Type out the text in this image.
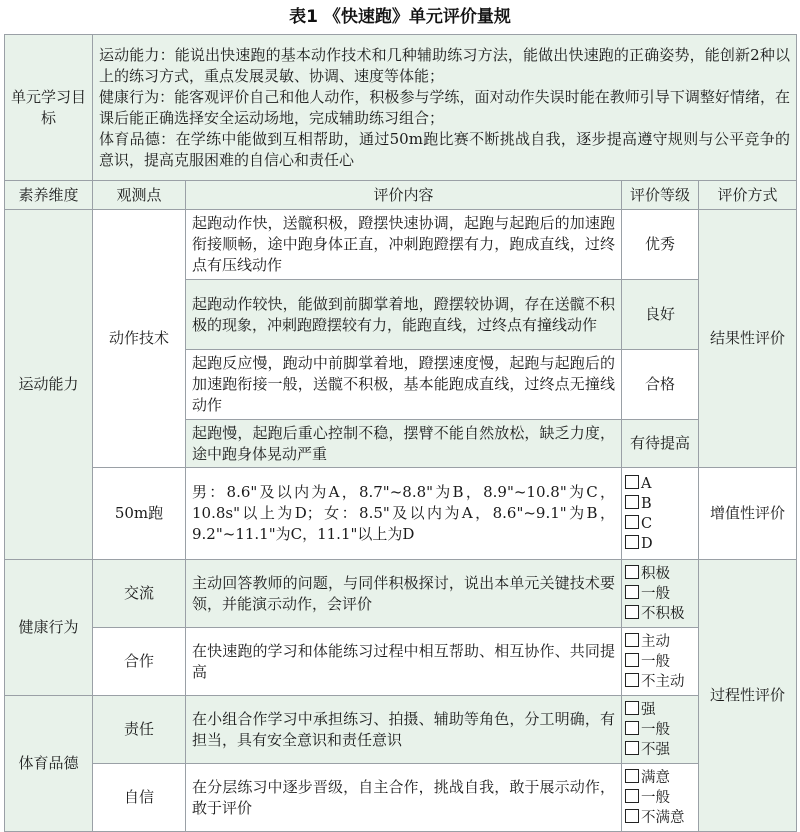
表1 《快速跑》单元评价量规
单元学习目标	运动能力：能说出快速跑的基本动作技术和几种辅助练习方法，能做出快速跑的正确姿势，能创新2种以上的练习方式，重点发展灵敏、协调、速度等体能；
健康行为：能客观评价自己和他人动作，积极参与学练，面对动作失误时能在教师引导下调整好情绪，在课后能正确选择安全运动场地，完成辅助练习组合；
体育品德：在学练中能做到互相帮助，通过50m跑比赛不断挑战自我，逐步提高遵守规则与公平竞争的意识，提高克服困难的自信心和责任心			

素养维度	观测点	评价内容	评价等级	评价方式
运动能力	动作技术	起跑动作快，送髋积极，蹬摆快速协调，起跑与起跑后的加速跑衔接顺畅，途中跑身体正直，冲刺跑蹬摆有力，跑成直线，过终点有压线动作	优秀	结果性评价
		起跑动作较快，能做到前脚掌着地，蹬摆较协调，存在送髋不积极的现象，冲刺跑蹬摆较有力，能跑直线，过终点有撞线动作	良好	
		起跑反应慢，跑动中前脚掌着地，蹬摆速度慢，起跑与起跑后的加速跑衔接一般，送髋不积极，基本能跑成直线，过终点无撞线动作	合格	
		起跑慢，起跑后重心控制不稳，摆臂不能自然放松，缺乏力度，途中跑身体晃动严重	有待提高	
	50m跑	男：8.6"及以内为A，8.7"~8.8"为B，8.9"~10.8"为C，10.8s"以上为D；女：8.5"及以内为A，8.6"~9.1"为B，9.2"~11.1"为C，11.1"以上为D	A
B
C
D	增值性评价
健康行为	交流	主动回答教师的问题，与同伴积极探讨，说出本单元关键技术要领，并能演示动作，会评价	积极
一般
不积极	过程性评价
	合作	在快速跑的学习和体能练习过程中相互帮助、相互协作、共同提高	主动
一般
不主动	

体育品德	责任	在小组合作学习中承担练习、拍摄、辅助等角色，分工明确，有担当，具有安全意识和责任意识	强
一般
不强	

	自信	在分层练习中逐步晋级，自主合作，挑战自我，敢于展示动作，敢于评价	满意
一般
不满意	
